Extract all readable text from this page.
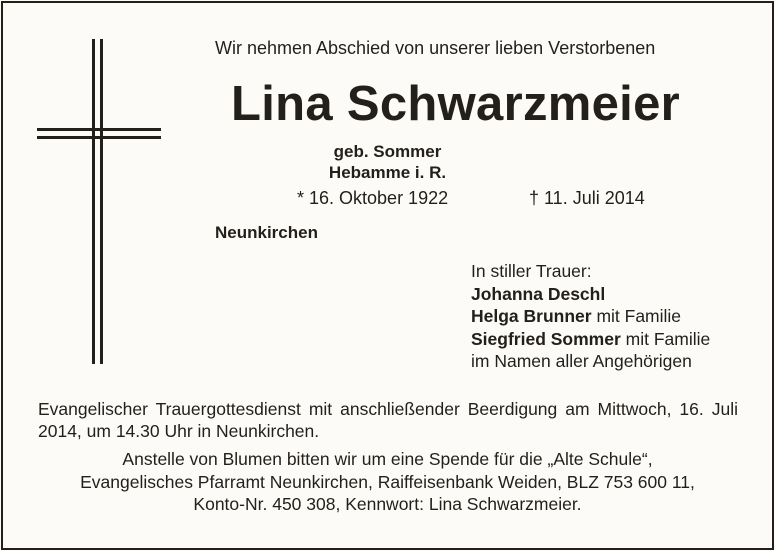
Wir nehmen Abschied von unserer lieben Verstorbenen
Lina Schwarzmeier
geb. Sommer
Hebamme i. R.
* 16. Oktober 1922	† 11. Juli 2014
Neunkirchen
In stiller Trauer:
Johanna Deschl
Helga Brunner mit Familie
Siegfried Sommer mit Familie
im Namen aller Angehörigen
Evangelischer Trauergottesdienst mit anschließender Beerdigung am Mittwoch, 16. Juli 2014, um 14.30 Uhr in Neunkirchen.
Anstelle von Blumen bitten wir um eine Spende für die „Alte Schule“,
Evangelisches Pfarramt Neunkirchen, Raiffeisenbank Weiden, BLZ 753 600 11,
Konto-Nr. 450 308, Kennwort: Lina Schwarzmeier.
